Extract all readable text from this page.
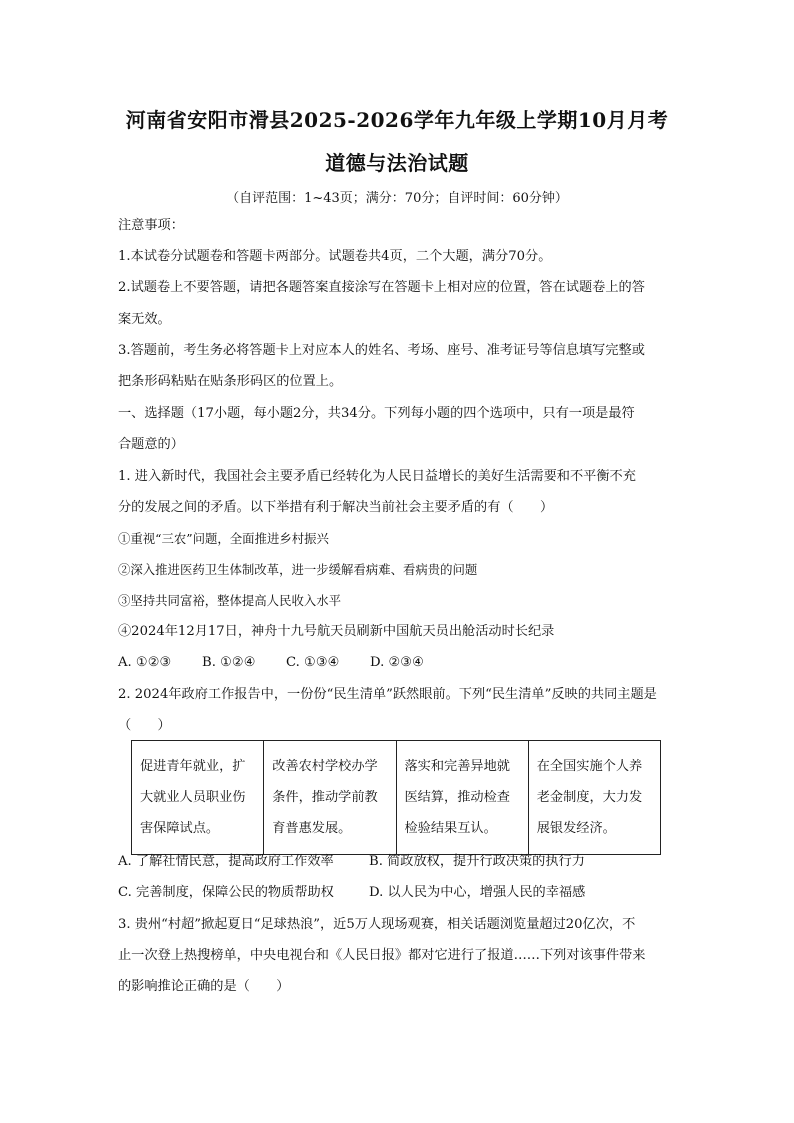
河南省安阳市滑县2025-2026学年九年级上学期10月月考
道德与法治试题
（自评范围：1~43页；满分：70分；自评时间：60分钟）
注意事项：
1.本试卷分试题卷和答题卡两部分。试题卷共4页，二个大题，满分70分。
2.试题卷上不要答题，请把各题答案直接涂写在答题卡上相对应的位置，答在试题卷上的答
案无效。
3.答题前，考生务必将答题卡上对应本人的姓名、考场、座号、准考证号等信息填写完整或
把条形码粘贴在贴条形码区的位置上。
一、选择题（17小题，每小题2分，共34分。下列每小题的四个选项中，只有一项是最符
合题意的）
1. 进入新时代，我国社会主要矛盾已经转化为人民日益增长的美好生活需要和不平衡不充
分的发展之间的矛盾。以下举措有利于解决当前社会主要矛盾的有（　　）
①重视“三农”问题，全面推进乡村振兴
②深入推进医药卫生体制改革，进一步缓解看病难、看病贵的问题
③坚持共同富裕，整体提高人民收入水平
④2024年12月17日，神舟十九号航天员刷新中国航天员出舱活动时长纪录
A. ①②③ B. ①②④ C. ①③④ D. ②③④
2. 2024年政府工作报告中，一份份“民生清单”跃然眼前。下列“民生清单”反映的共同主题是
（　　）
促进青年就业，扩大就业人员职业伤害保障试点。	改善农村学校办学条件，推动学前教育普惠发展。	落实和完善异地就医结算，推动检查检验结果互认。	在全国实施个人养老金制度，大力发展银发经济。
A. 了解社情民意，提高政府工作效率	B. 简政放权，提升行政决策的执行力
C. 完善制度，保障公民的物质帮助权	D. 以人民为中心，增强人民的幸福感
3. 贵州“村超”掀起夏日“足球热浪”，近5万人现场观赛，相关话题浏览量超过20亿次，不
止一次登上热搜榜单，中央电视台和《人民日报》都对它进行了报道……下列对该事件带来
的影响推论正确的是（　　）
